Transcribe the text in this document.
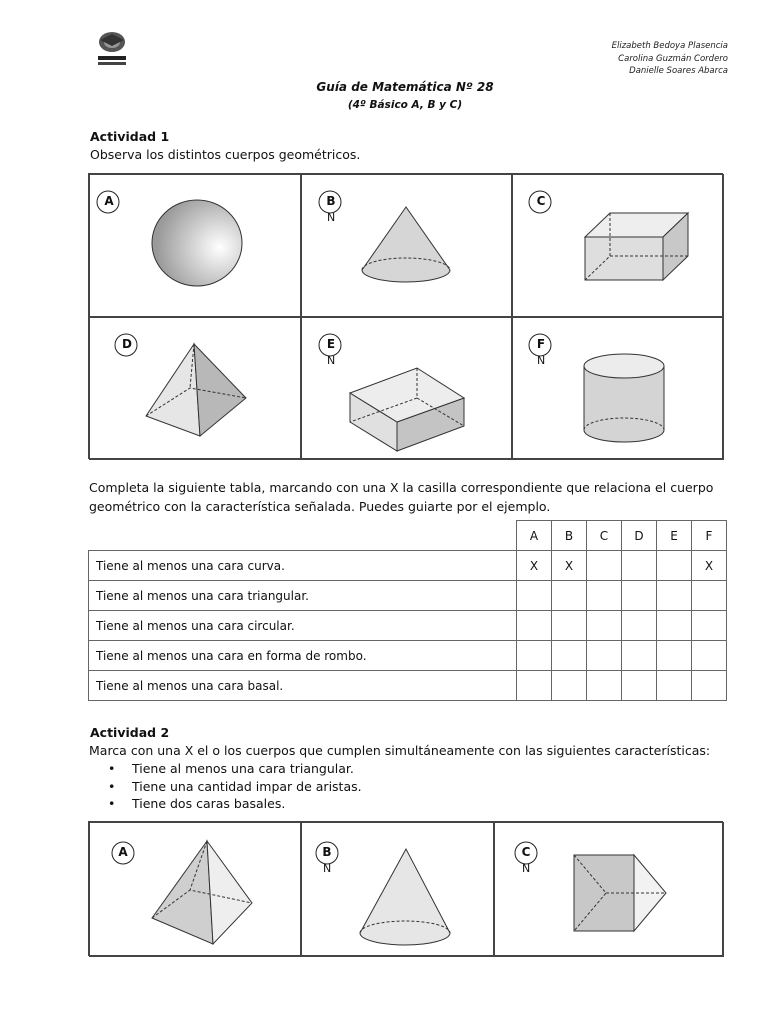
Elizabeth Bedoya Plasencia
Carolina Guzmán Cordero
Danielle Soares Abarca
Guía de Matemática Nº 28
(4º Básico A, B y C)
Actividad 1
Observa los distintos cuerpos geométricos.
A	B
N
C
D	E
N
F
N
Completa la siguiente tabla, marcando con una X la casilla correspondiente que relaciona el cuerpo
geométrico con la característica señalada. Puedes guiarte por el ejemplo.
	A	B	C	D	E	F
Tiene al menos una cara curva.	X	X				X
Tiene al menos una cara triangular.						
Tiene al menos una cara circular.						
Tiene al menos una cara en forma de rombo.						
Tiene al menos una cara basal.						
Actividad 2
Marca con una X el o los cuerpos que cumplen simultáneamente con las siguientes características:
• Tiene al menos una cara triangular.
• Tiene una cantidad impar de aristas.
• Tiene dos caras basales.
A	B
N
C
N
